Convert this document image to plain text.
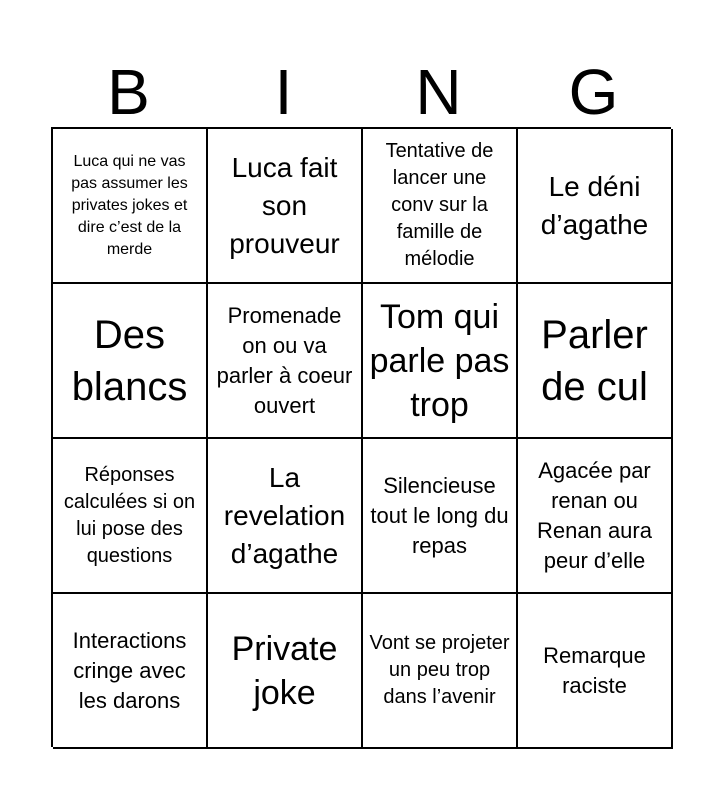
B	I	N	G
Luca qui ne vas pas assumer les privates jokes et dire c’est de la merde
Luca fait son prouveur
Tentative de lancer une conv sur la famille de mélodie
Le déni d’agathe
Des blancs
Promenade on ou va parler à coeur ouvert
Tom qui parle pas trop
Parler de cul
Réponses calculées si on lui pose des questions
La revelation d’agathe
Silencieuse tout le long du repas
Agacée par renan ou Renan aura peur d’elle
Interactions cringe avec les darons
Private joke
Vont se projeter un peu trop dans l’avenir
Remarque raciste
